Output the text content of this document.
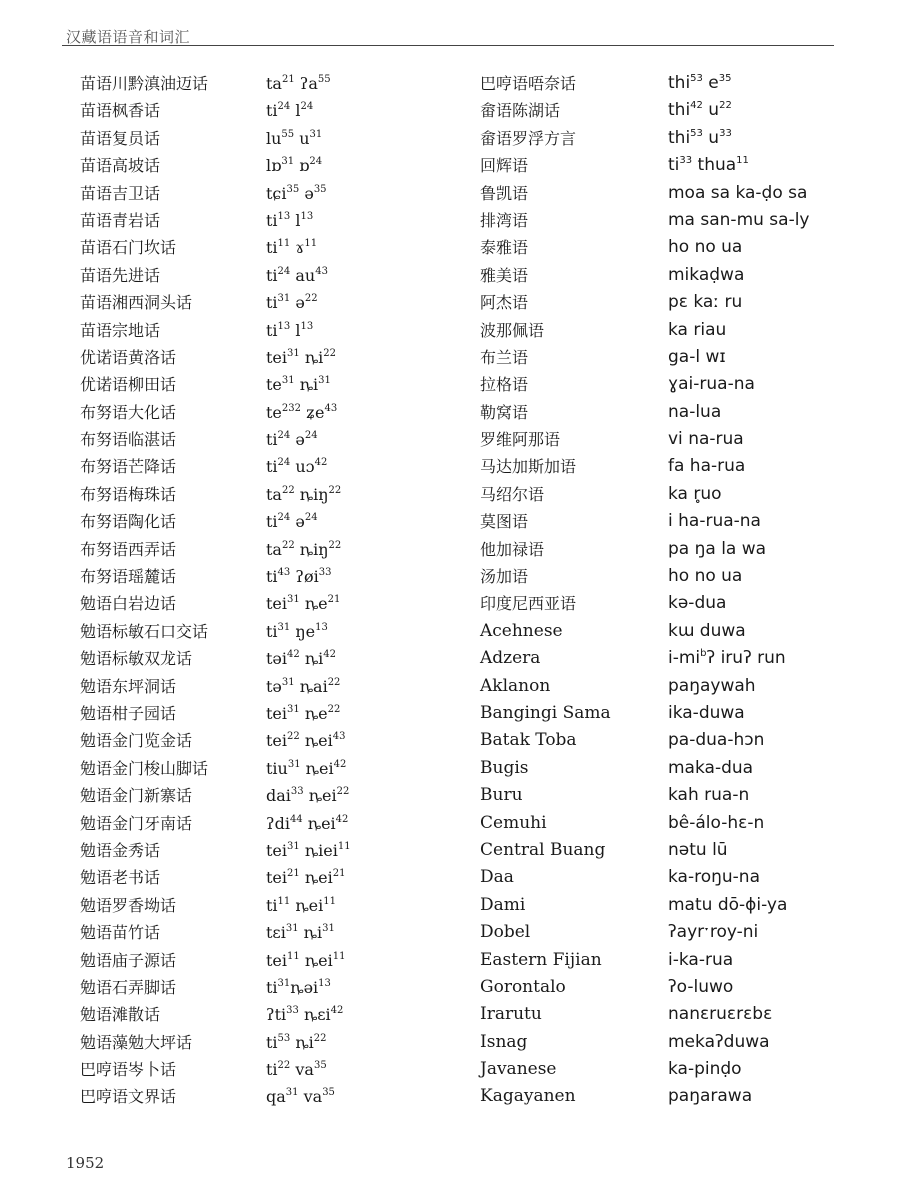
汉藏语语音和词汇
苗语川黔滇油迈话	$ta^{21}$ ʔa$^{55}$
苗语枫香话	$ti^{24}$ $l^{24}$
苗语复员话	$lu^{55}$ $u^{31}$
苗语高坡话	lɒ$^{31}$ ɒ$^{24}$
苗语吉卫话	tɕi$^{35}$ ə$^{35}$
苗语青岩话	$ti^{13}$ $l^{13}$
苗语石门坎话	$ti^{11}$ ɤ$^{11}$
苗语先进话	$ti^{24}$ $au^{43}$
苗语湘西洞头话	$ti^{31}$ ə$^{22}$
苗语宗地话	$ti^{13}$ $l^{13}$
优诺语黄洛话	tei$^{31}$ $ȵi^{22}$
优诺语柳田话	$te^{31}$ $ȵi^{31}$
布努语大化话	$te^{232}$ ʑe$^{43}$
布努语临湛话	$ti^{24}$ ə$^{24}$
布努语芒降话	$ti^{24}$ uɔ$^{42}$
布努语梅珠话	$ta^{22}$ ȵiŋ$^{22}$
布努语陶化话	$ti^{24}$ ə$^{24}$
布努语西弄话	$ta^{22}$ ȵiŋ$^{22}$
布努语瑶麓话	$ti^{43}$ ʔøi$^{33}$
勉语白岩边话	tei$^{31}$ $ȵe^{21}$
勉语标敏石口交话	$ti^{31}$ $ŋe^{13}$
勉语标敏双龙话	təi$^{42}$ $ȵi^{42}$
勉语东坪洞话	tə$^{31}$ ȵai$^{22}$
勉语柑子园话	tei$^{31}$ $ȵe^{22}$
勉语金门览金话	tei$^{22}$ ȵei$^{43}$
勉语金门梭山脚话	tiu$^{31}$ ȵei$^{42}$
勉语金门新寨话	dai$^{33}$ ȵei$^{22}$
勉语金门牙南话	ʔdi$^{44}$ ȵei$^{42}$
勉语金秀话	tei$^{31}$ ȵiei$^{11}$
勉语老书话	tei$^{21}$ ȵei$^{21}$
勉语罗香坳话	$ti^{11}$ ȵei$^{11}$
勉语苗竹话	tɛi$^{31}$ $ȵi^{31}$
勉语庙子源话	tei$^{11}$ ȵei$^{11}$
勉语石弄脚话	$ti^{31}ȵəi^{13}$
勉语滩散话	ʔti$^{33}$ ȵɛi$^{42}$
勉语藻勉大坪话	$ti^{53}$ $ȵi^{22}$
巴哼语岑卜话	$ti^{22}$ $va^{35}$
巴哼语文界话	$qa^{31}$ $va^{35}$
巴哼语唔奈话	thi$^{53}$ $e^{35}$
畲语陈湖话	thi$^{42}$ $u^{22}$
畲语罗浮方言	thi$^{53}$ $u^{33}$
回辉语	$ti^{33}$ thua$^{11}$
鲁凯语	moa sa ka-ḍo sa
排湾语	ma san-mu sa-ly
泰雅语	ho no ua
雅美语	mikaḍwa
阿杰语	pɛ kaː ru
波那佩语	ka riau
布兰语	ga-l wɪ
拉格语	ɣai-rua-na
勒窝语	na-lua
罗维阿那语	vi na-rua
马达加斯加语	fa ha-rua
马绍尔语	ka r̥uo
莫图语	i ha-rua-na
他加禄语	pa ŋa la wa
汤加语	ho no ua
印度尼西亚语	kə-dua
Acehnese	kɯ duwa
Adzera	$i-mi^bʔ$ iruʔ run
Aklanon	paŋaywah
Bangingi Sama	ika-duwa
Batak Toba	pa-dua-hɔn
Bugis	maka-dua
Buru	kah rua-n
Cemuhi	bê-álo-hɛ-n
Central Buang	nətu lū
Daa	ka-roŋu-na
Dami	matu dō-ɸi-ya
Dobel	ʔayrˑroy-ni
Eastern Fijian	i-ka-rua
Gorontalo	ʔo-luwo
Irarutu	nanɛruɛrɛbɛ
Isnag	mekaʔduwa
Javanese	ka-pinḍo
Kagayanen	paŋarawa
1952
